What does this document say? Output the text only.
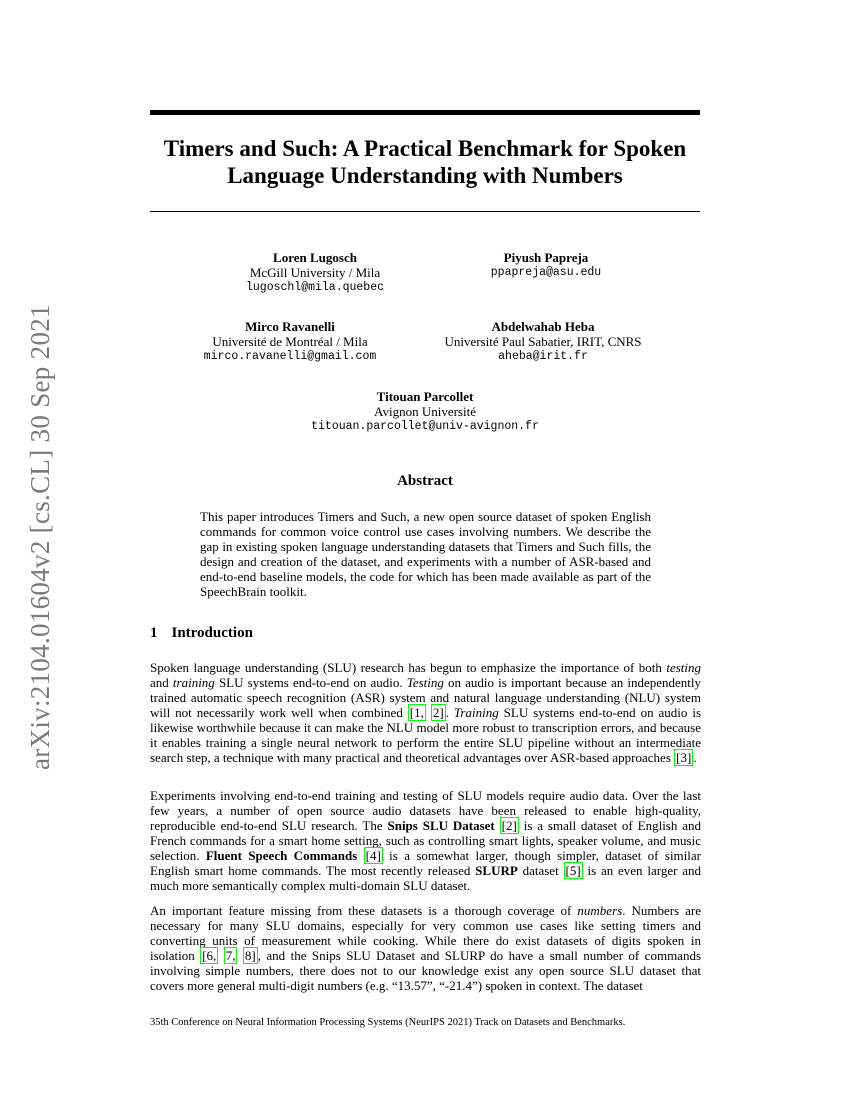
arXiv:2104.01604v2 [cs.CL] 30 Sep 2021
Timers and Such: A Practical Benchmark for Spoken
Language Understanding with Numbers
Loren Lugosch
McGill University / Mila
lugoschl@mila.quebec
Piyush Papreja
ppapreja@asu.edu
Mirco Ravanelli
Université de Montréal / Mila
mirco.ravanelli@gmail.com
Abdelwahab Heba
Université Paul Sabatier, IRIT, CNRS
aheba@irit.fr
Titouan Parcollet
Avignon Université
titouan.parcollet@univ-avignon.fr
Abstract
This paper introduces Timers and Such, a new open source dataset of spoken English commands for common voice control use cases involving numbers. We describe the gap in existing spoken language understanding datasets that Timers and Such fills, the design and creation of the dataset, and experiments with a number of ASR-based and end-to-end baseline models, the code for which has been made available as part of the SpeechBrain toolkit.
1 Introduction

Spoken language understanding (SLU) research has begun to emphasize the importance of both testing and training SLU systems end-to-end on audio. Testing on audio is important because an independently trained automatic speech recognition (ASR) system and natural language understanding (NLU) system will not necessarily work well when combined [1, 2] . Training SLU systems end-to-end on audio is likewise worthwhile because it can make the NLU model more robust to transcription errors, and because it enables training a single neural network to perform the entire SLU pipeline without an intermediate search step, a technique with many practical and theoretical advantages over ASR-based approaches [3] .

Experiments involving end-to-end training and testing of SLU models require audio data. Over the last few years, a number of open source audio datasets have been released to enable high-quality, reproducible end-to-end SLU research. The Snips SLU Dataset [2] is a small dataset of English and French commands for a smart home setting, such as controlling smart lights, speaker volume, and music selection. Fluent Speech Commands [4] is a somewhat larger, though simpler, dataset of similar English smart home commands. The most recently released SLURP dataset [5] is an even larger and much more semantically complex multi-domain SLU dataset.

An important feature missing from these datasets is a thorough coverage of numbers. Numbers are necessary for many SLU domains, especially for very common use cases like setting timers and converting units of measurement while cooking. While there do exist datasets of digits spoken in isolation [6, 7, 8] , and the Snips SLU Dataset and SLURP do have a small number of commands involving simple numbers, there does not to our knowledge exist any open source SLU dataset that covers more general multi-digit numbers (e.g. “13.57”, “-21.4”) spoken in context. The dataset

35th Conference on Neural Information Processing Systems (NeurIPS 2021) Track on Datasets and Benchmarks.
